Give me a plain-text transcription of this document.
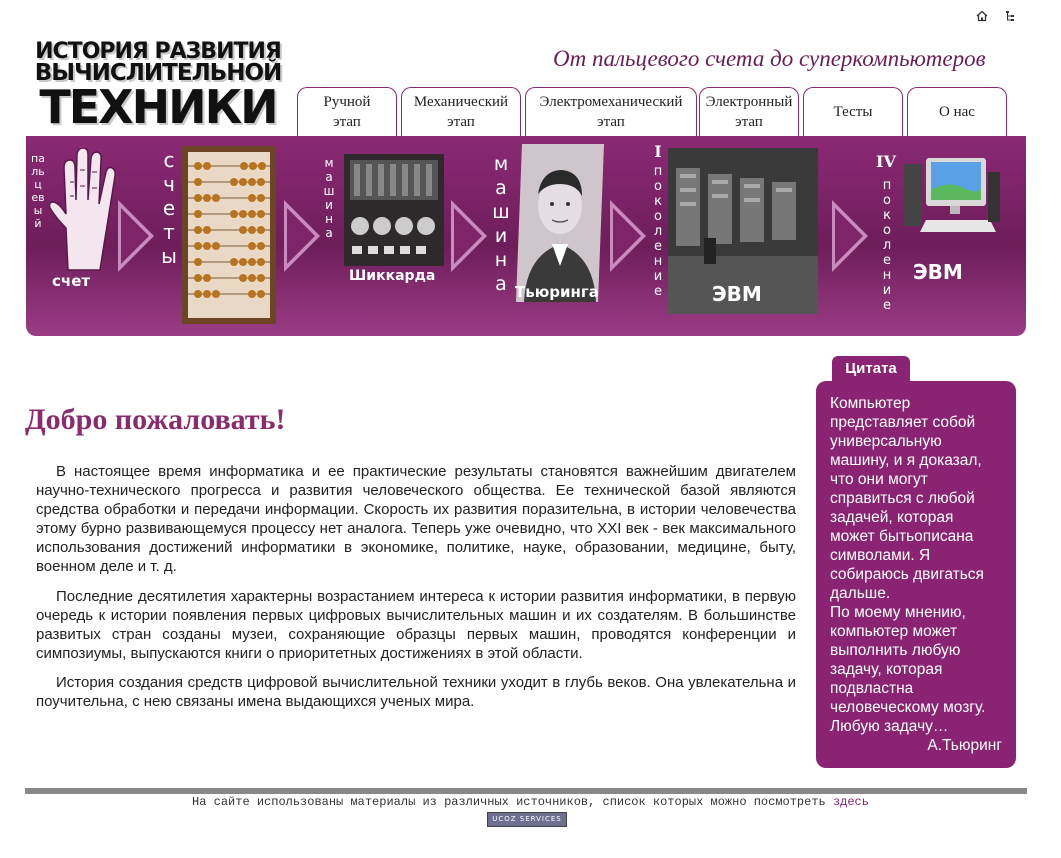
ИСТОРИЯ РАЗВИТИЯ
ВЫЧИСЛИТЕЛЬНОЙ
ТЕХНИКИ
От пальцевого счета до суперкомпьютеров
Ручной
этап
Механический
этап
Электромеханический
этап
Электронный
этап
Тесты	О нас
пальцевый
счет
счеты
машина
Шиккарда
машина Тьюринга
I
поколение	ЭВМ
IV
поколение
ЭВМ
Добро пожаловать!

В настоящее время информатика и ее практические результаты становятся важнейшим двигателем научно-технического прогресса и развития человеческого общества. Ее технической базой являются средства обработки и передачи информации. Скорость их развития поразительна, в истории человечества этому бурно развивающемуся процессу нет аналога. Теперь уже очевидно, что XXI век - век максимального использования достижений информатики в экономике, политике, науке, образовании, медицине, быту, военном деле и т. д.

Последние десятилетия характерны возрастанием интереса к истории развития информатики, в первую очередь к истории появления первых цифровых вычислительных машин и их создателям. В большинстве развитых стран созданы музеи, сохраняющие образцы первых машин, проводятся конференции и симпозиумы, выпускаются книги о приоритетных достижениях в этой области.

История создания средств цифровой вычислительной техники уходит в глубь веков. Она увлекательна и поучительна, с нею связаны имена выдающихся ученых мира.

Цитата
Компьютер представляет собой универсальную машину, и я доказал, что они могут справиться с любой задачей, которая может бытьописана символами. Я собираюсь двигаться дальше.
По моему мнению, компьютер может выполнить любую задачу, которая подвластна человеческому мозгу. Любую задачу…
А.Тьюринг
На сайте использованы материалы из различных источников, список которых можно посмотреть здесь
UCOZ SERVICES
